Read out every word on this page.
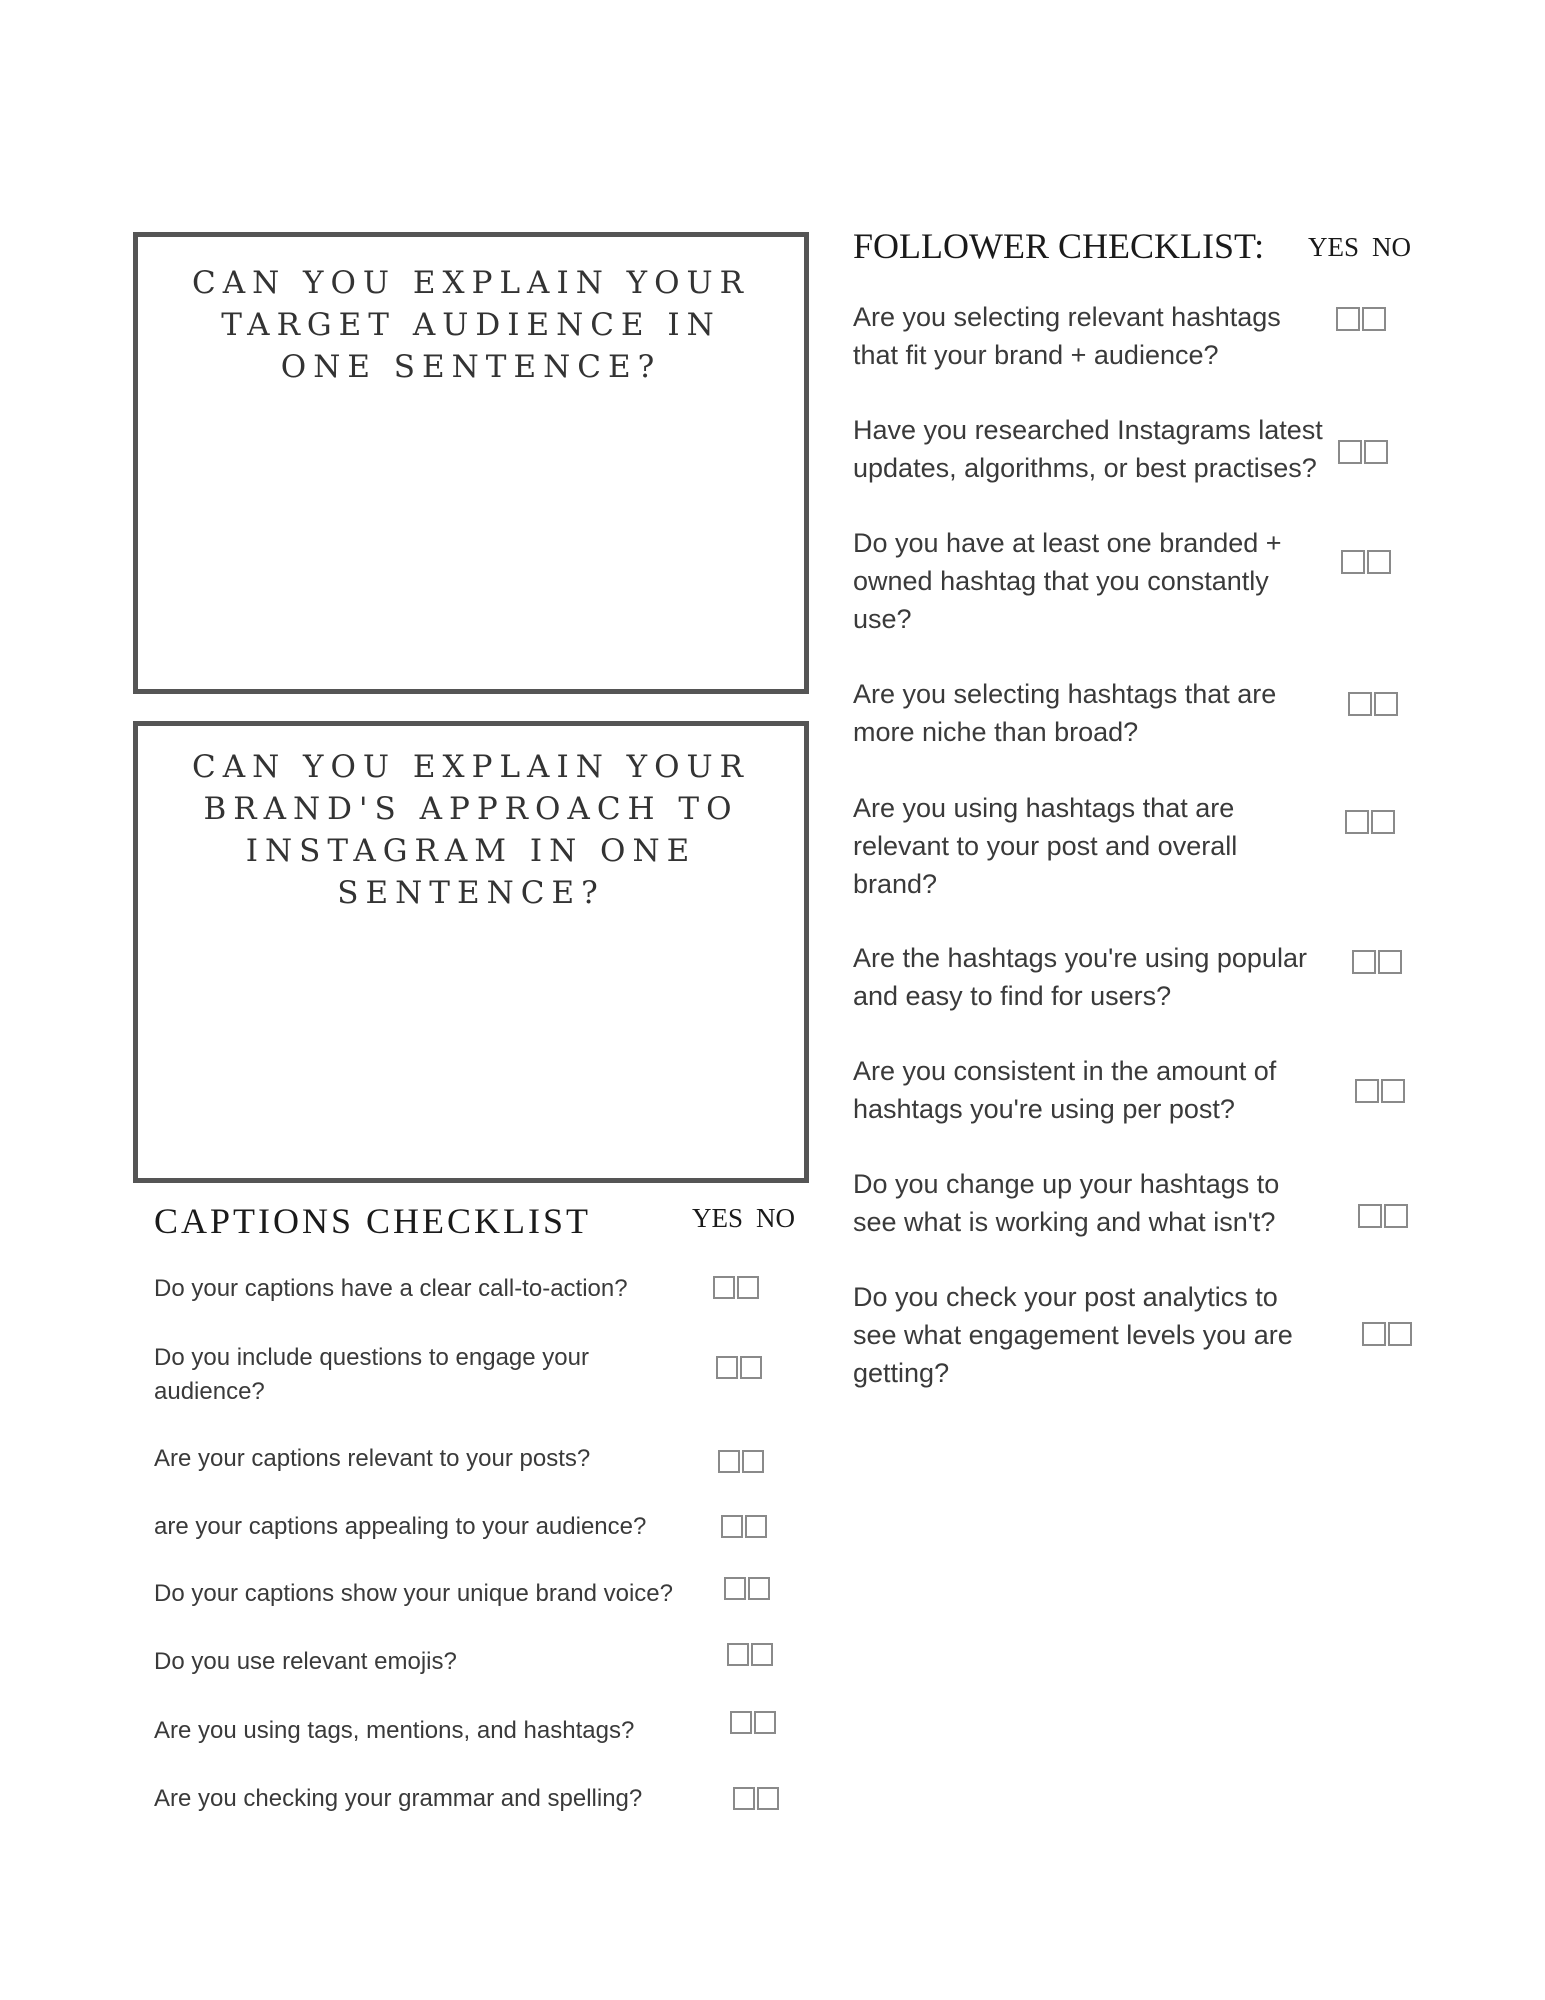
CAN YOU EXPLAIN YOUR TARGET AUDIENCE IN ONE SENTENCE?

CAN YOU EXPLAIN YOUR BRAND'S APPROACH TO INSTAGRAM IN ONE SENTENCE?

CAPTIONS CHECKLIST	YES NO

Do your captions have a clear call-to-action?

Do you include questions to engage your audience?

Are your captions relevant to your posts?

are your captions appealing to your audience?

Do your captions show your unique brand voice?

Do you use relevant emojis?

Are you using tags, mentions, and hashtags?

Are you checking your grammar and spelling?

FOLLOWER CHECKLIST: YES NO

Are you selecting relevant hashtags that fit your brand + audience?

Have you researched Instagrams latest updates, algorithms, or best practises?

Do you have at least one branded + owned hashtag that you constantly use?

Are you selecting hashtags that are more niche than broad?

Are you using hashtags that are relevant to your post and overall brand?

Are the hashtags you're using popular and easy to find for users?

Are you consistent in the amount of hashtags you're using per post?

Do you change up your hashtags to see what is working and what isn't?

Do you check your post analytics to see what engagement levels you are getting?
